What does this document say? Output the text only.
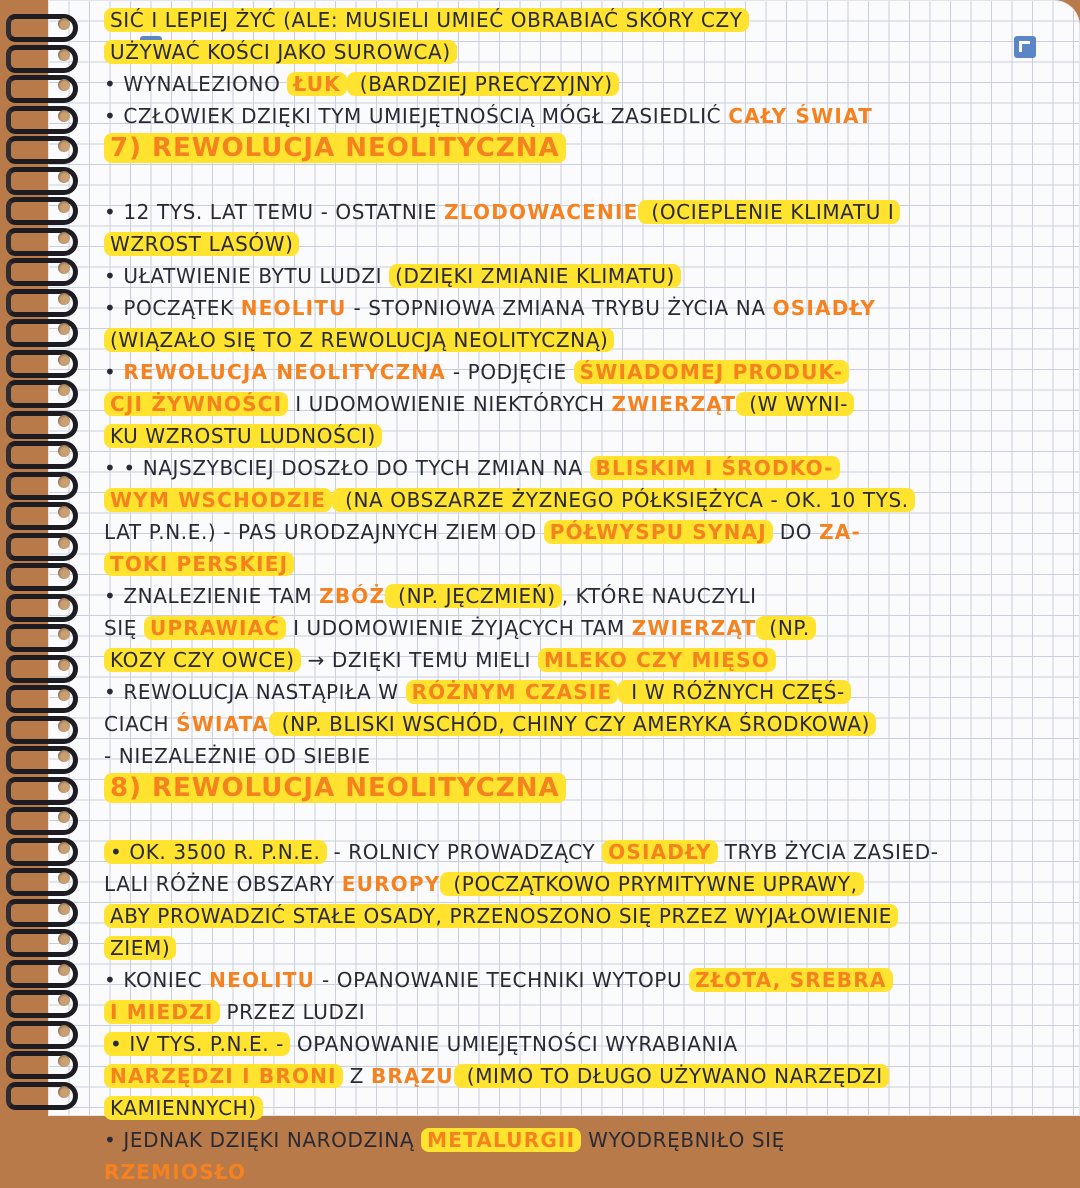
SIĆ I LEPIEJ ŻYĆ (ALE: MUSIELI UMIEĆ OBRABIAĆ SKÓRY CZY
UŻYWAĆ KOŚCI JAKO SUROWCA)
• WYNALEZIONO ŁUK (BARDZIEJ PRECYZYJNY)
• CZŁOWIEK DZIĘKI TYM UMIEJĘTNOŚCIĄ MÓGŁ ZASIEDLIĆ CAŁY ŚWIAT
7) REWOLUCJA NEOLITYCZNA
• 12 TYS. LAT TEMU - OSTATNIE ZLODOWACENIE (OCIEPLENIE KLIMATU I
WZROST LASÓW)
• UŁATWIENIE BYTU LUDZI (DZIĘKI ZMIANIE KLIMATU)
• POCZĄTEK NEOLITU - STOPNIOWA ZMIANA TRYBU ŻYCIA NA OSIADŁY
(WIĄZAŁO SIĘ TO Z REWOLUCJĄ NEOLITYCZNĄ)
• REWOLUCJA NEOLITYCZNA - PODJĘCIE ŚWIADOMEJ PRODUK-
CJI ŻYWNOŚCI I UDOMOWIENIE NIEKTÓRYCH ZWIERZĄT (W WYNI-
KU WZROSTU LUDNOŚCI)
• • NAJSZYBCIEJ DOSZŁO DO TYCH ZMIAN NA BLISKIM I ŚRODKO-
WYM WSCHODZIE (NA OBSZARZE ŻYZNEGO PÓŁKSIĘŻYCA - OK. 10 TYS.
LAT P.N.E.) - PAS URODZAJNYCH ZIEM OD PÓŁWYSPU SYNAJ DO ZA-
TOKI PERSKIEJ
• ZNALEZIENIE TAM ZBÓŻ (NP. JĘCZMIEŃ) , KTÓRE NAUCZYLI
SIĘ UPRAWIAĆ I UDOMOWIENIE ŻYJĄCYCH TAM ZWIERZĄT (NP.
KOZY CZY OWCE) → DZIĘKI TEMU MIELI MLEKO CZY MIĘSO
• REWOLUCJA NASTĄPIŁA W RÓŻNYM CZASIE I W RÓŻNYCH CZĘŚ-
CIACH ŚWIATA (NP. BLISKI WSCHÓD, CHINY CZY AMERYKA ŚRODKOWA)
- NIEZALEŻNIE OD SIEBIE
8) REWOLUCJA NEOLITYCZNA
• OK. 3500 R. P.N.E. - ROLNICY PROWADZĄCY OSIADŁY TRYB ŻYCIA ZASIED-
LALI RÓŻNE OBSZARY EUROPY (POCZĄTKOWO PRYMITYWNE UPRAWY,
ABY PROWADZIĆ STAŁE OSADY, PRZENOSZONO SIĘ PRZEZ WYJAŁOWIENIE
ZIEM)
• KONIEC NEOLITU - OPANOWANIE TECHNIKI WYTOPU ZŁOTA, SREBRA
I MIEDZI PRZEZ LUDZI
• IV TYS. P.N.E. - OPANOWANIE UMIEJĘTNOŚCI WYRABIANIA
NARZĘDZI I BRONI Z BRĄZU (MIMO TO DŁUGO UŻYWANO NARZĘDZI
KAMIENNYCH)
• JEDNAK DZIĘKI NARODZINĄ METALURGII WYODRĘBNIŁO SIĘ
RZEMIOSŁO
